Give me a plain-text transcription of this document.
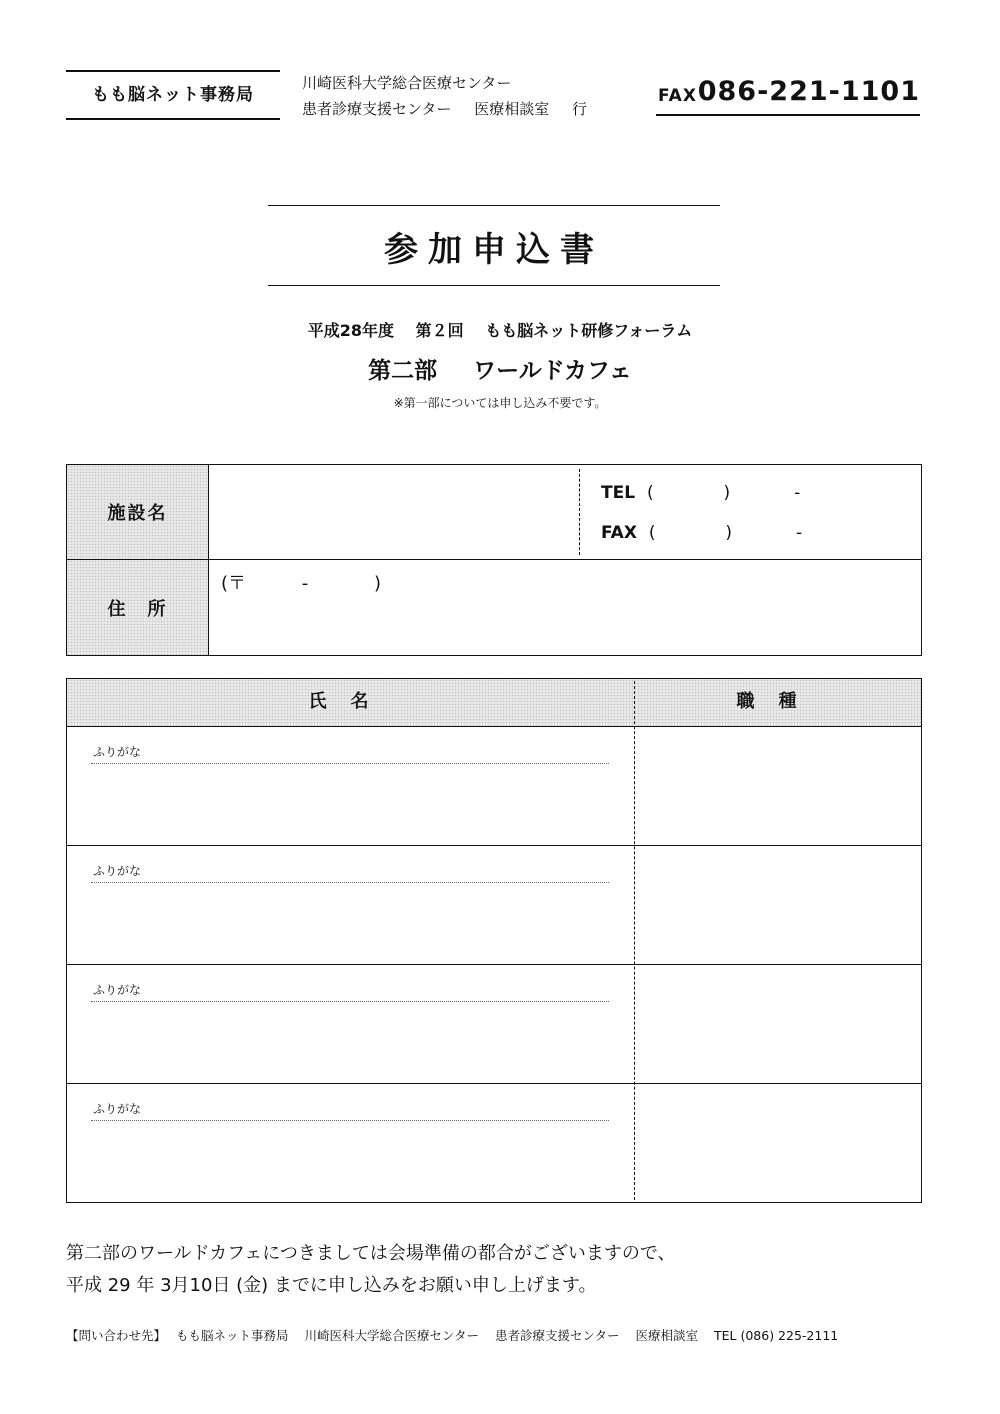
もも脳ネット事務局
川崎医科大学総合医療センター
患者診療支援センター 医療相談室 行
FAX 086-221-1101
参加申込書
平成28年度 第２回 もも脳ネット研修フォーラム
第二部 ワールドカフェ
※第一部については申し込み不要です。
施設名
TEL (	)	-
FAX (	)	-
住　所
(〒	-	)
氏名	職種
ふりがな
ふりがな
ふりがな
ふりがな
第二部のワールドカフェにつきましては会場準備の都合がございますので、
平成 29 年 3月10日 (金) までに申し込みをお願い申し上げます。
【問い合わせ先】 もも脳ネット事務局 川崎医科大学総合医療センター 患者診療支援センター 医療相談室 TEL (086) 225-2111
